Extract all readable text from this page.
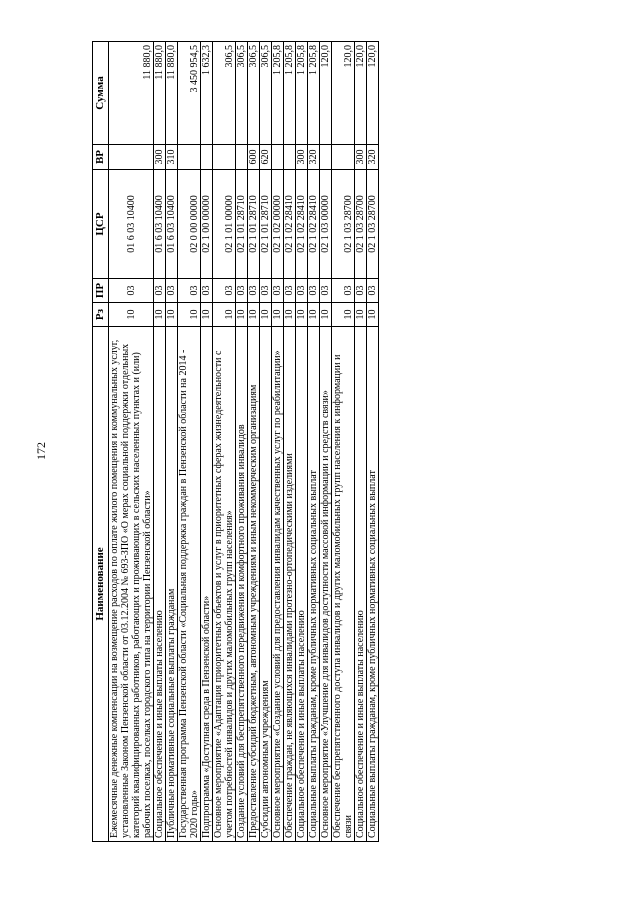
172
Наименование	Рз	ПР	ЦСР	ВР	Сумма
Ежемесячные денежные компенсации на возмещение расходов по оплате жилого помещения и коммунальных услуг, установленные Законом Пензенской области от 03.12.2004 № 693-ЗПО «О мерах социальной поддержки отдельных категорий квалифицированных работников, работающих и проживающих в сельских населенных пунктах и (или) рабочих поселках, поселках городского типа на территории Пензенской области»	10	03	01 6 03 10400		11 880,0
Социальное обеспечение и иные выплаты населению	10	03	01 6 03 10400	300	11 880,0
Публичные нормативные социальные выплаты гражданам	10	03	01 6 03 10400	310	11 880,0
Государственная программа Пензенской области «Социальная поддержка граждан в Пензенской области на 2014 - 2020 годы»	10	03	02 0 00 00000		3 450 954,5
Подпрограмма «Доступная среда в Пензенской области»	10	03	02 1 00 00000		1 632,3
Основное мероприятие «Адаптация приоритетных объектов и услуг в приоритетных сферах жизнедеятельности с учетом потребностей инвалидов и других маломобильных групп населения»	10	03	02 1 01 00000		306,5
Создание условий для беспрепятственного передвижения и комфортного проживания инвалидов	10	03	02 1 01 28710		306,5
Предоставление субсидий бюджетным, автономным учреждениям и иным некоммерческим организациям	10	03	02 1 01 28710	600	306,5
Субсидии автономным учреждениям	10	03	02 1 01 28710	620	306,5
Основное мероприятие «Создание условий для предоставления инвалидам качественных услуг по реабилитации»	10	03	02 1 02 00000		1 205,8
Обеспечение граждан, не являющихся инвалидами протезно-ортопедическими изделиями	10	03	02 1 02 28410		1 205,8
Социальное обеспечение и иные выплаты населению	10	03	02 1 02 28410	300	1 205,8
Социальные выплаты гражданам, кроме публичных нормативных социальных выплат	10	03	02 1 02 28410	320	1 205,8
Основное мероприятие «Улучшение для инвалидов доступности массовой информации и средств связи»	10	03	02 1 03 00000		120,0
Обеспечение беспрепятственного доступа инвалидов и других маломобильных групп населения к информации и связи	10	03	02 1 03 28700		120,0
Социальное обеспечение и иные выплаты населению	10	03	02 1 03 28700	300	120,0
Социальные выплаты гражданам, кроме публичных нормативных социальных выплат	10	03	02 1 03 28700	320	120,0
